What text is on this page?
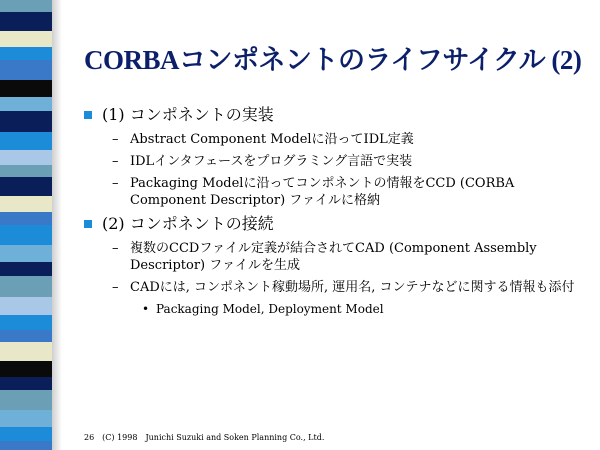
CORBAコンポネントのライフサイクル (2)
(1) コンポネントの実装
– Abstract Component Modelに沿ってIDL定義
– IDLインタフェースをプログラミング言語で実装
– Packaging Modelに沿ってコンポネントの情報をCCD (CORBA Component Descriptor) ファイルに格納
(2) コンポネントの接続
– 複数のCCDファイル定義が結合されてCAD (Component Assembly Descriptor) ファイルを生成
– CADには, コンポネント稼動場所, 運用名, コンテナなどに関する情報も添付
• Packaging Model, Deployment Model
26　(C) 1998　Junichi Suzuki and Soken Planning Co., Ltd.
